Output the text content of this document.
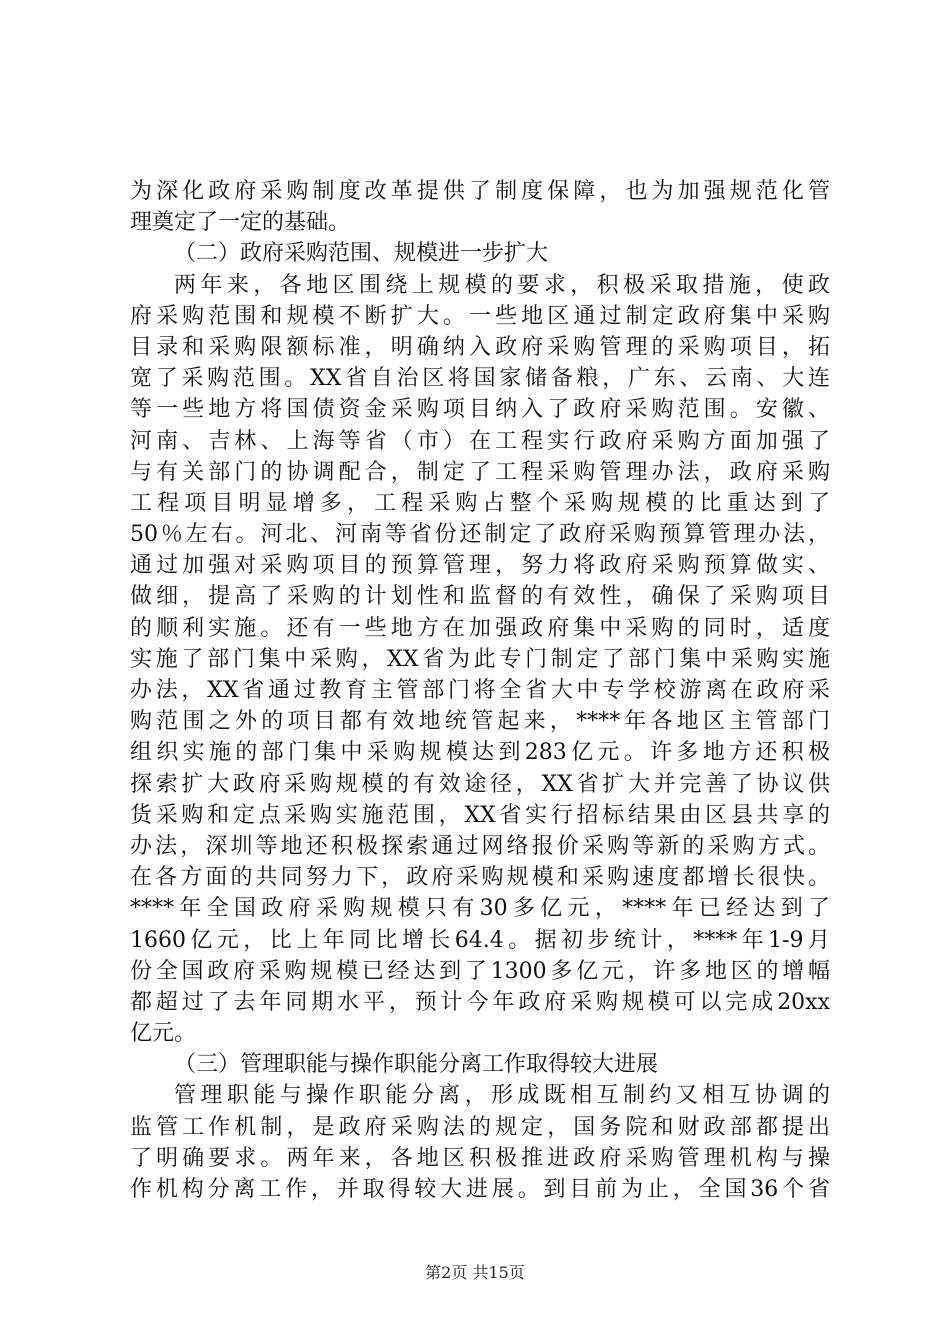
为深化政府采购制度改革提供了制度保障，也为加强规范化管
理奠定了一定的基础。
（二）政府采购范围、规模进一步扩大
两年来，各地区围绕上规模的要求，积极采取措施，使政
府采购范围和规模不断扩大。一些地区通过制定政府集中采购
目录和采购限额标准，明确纳入政府采购管理的采购项目，拓
宽了采购范围。XX省自治区将国家储备粮，广东、云南、大连
等一些地方将国债资金采购项目纳入了政府采购范围。安徽、
河南、吉林、上海等省（市）在工程实行政府采购方面加强了
与有关部门的协调配合，制定了工程采购管理办法，政府采购
工程项目明显增多，工程采购占整个采购规模的比重达到了
50％左右。河北、河南等省份还制定了政府采购预算管理办法，
通过加强对采购项目的预算管理，努力将政府采购预算做实、
做细，提高了采购的计划性和监督的有效性，确保了采购项目
的顺利实施。还有一些地方在加强政府集中采购的同时，适度
实施了部门集中采购，XX省为此专门制定了部门集中采购实施
办法，XX省通过教育主管部门将全省大中专学校游离在政府采
购范围之外的项目都有效地统管起来，****年各地区主管部门
组织实施的部门集中采购规模达到283亿元。许多地方还积极
探索扩大政府采购规模的有效途径，XX省扩大并完善了协议供
货采购和定点采购实施范围，XX省实行招标结果由区县共享的
办法，深圳等地还积极探索通过网络报价采购等新的采购方式。
在各方面的共同努力下，政府采购规模和采购速度都增长很快。
****年全国政府采购规模只有30多亿元，****年已经达到了
1660亿元，比上年同比增长64.4。据初步统计，****年1-9月
份全国政府采购规模已经达到了1300多亿元，许多地区的增幅
都超过了去年同期水平，预计今年政府采购规模可以完成20xx
亿元。
（三）管理职能与操作职能分离工作取得较大进展
管理职能与操作职能分离，形成既相互制约又相互协调的
监管工作机制，是政府采购法的规定，国务院和财政部都提出
了明确要求。两年来，各地区积极推进政府采购管理机构与操
作机构分离工作，并取得较大进展。到目前为止，全国36个省
第2页 共15页
